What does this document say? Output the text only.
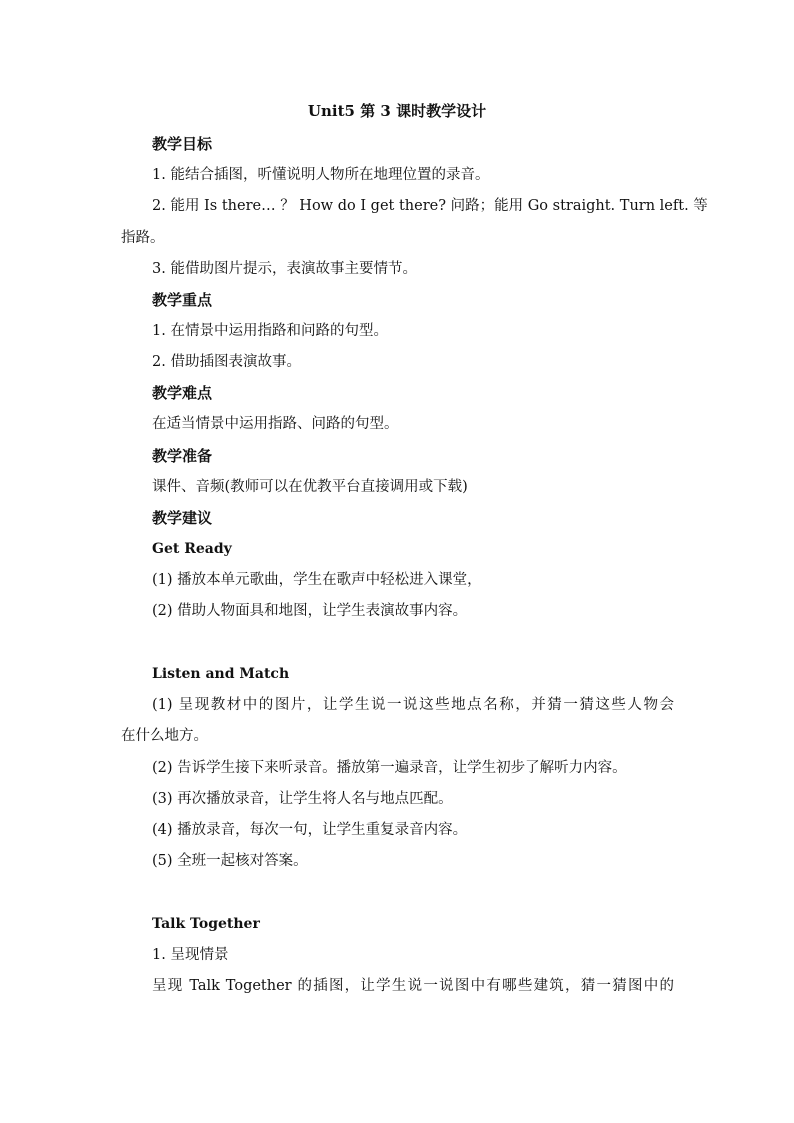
Unit5 第 3 课时教学设计
教学目标
1. 能结合插图，听懂说明人物所在地理位置的录音。
2. 能用 Is there… ？ How do I get there? 问路；能用 Go straight. Turn left. 等
指路。
3. 能借助图片提示，表演故事主要情节。
教学重点
1. 在情景中运用指路和问路的句型。
2. 借助插图表演故事。
教学难点
在适当情景中运用指路、问路的句型。
教学准备
课件、音频(教师可以在优教平台直接调用或下载)
教学建议
Get Ready
(1) 播放本单元歌曲，学生在歌声中轻松进入课堂，
(2) 借助人物面具和地图，让学生表演故事内容。
Listen and Match
(1) 呈现教材中的图片，让学生说一说这些地点名称，并猜一猜这些人物会
在什么地方。
(2) 告诉学生接下来听录音。播放第一遍录音，让学生初步了解听力内容。
(3) 再次播放录音，让学生将人名与地点匹配。
(4) 播放录音，每次一句，让学生重复录音内容。
(5) 全班一起核对答案。
Talk Together
1. 呈现情景
呈现 Talk Together 的插图，让学生说一说图中有哪些建筑，猜一猜图中的
